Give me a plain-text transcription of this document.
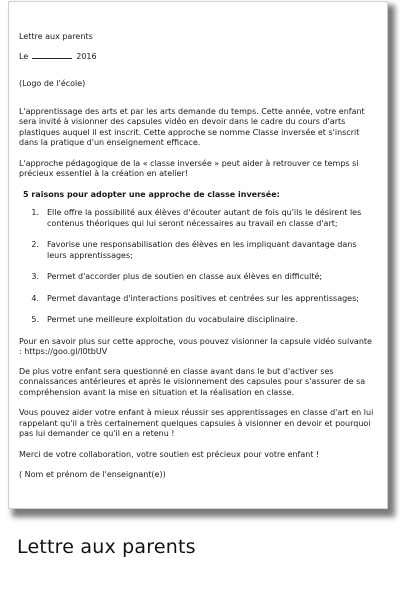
Lettre aux parents

Le	2016

(Logo de l'école)

L'apprentissage des arts et par les arts demande du temps. Cette année, votre enfant sera invité à visionner des capsules vidéo en devoir dans le cadre du cours d'arts plastiques auquel il est inscrit. Cette approche se nomme Classe inversée et s'inscrit dans la pratique d'un enseignement efficace.

L'approche pédagogique de la « classe inversée » peut aider à retrouver ce temps si précieux essentiel à la création en atelier!

5 raisons pour adopter une approche de classe inversée:

1.	Elle offre la possibilité aux élèves d'écouter autant de fois qu'ils le désirent les contenus théoriques qui lui seront nécessaires au travail en classe d'art;
2.	Favorise une responsabilisation des élèves en les impliquant davantage dans leurs apprentissages;
3.	Permet d'accorder plus de soutien en classe aux élèves en difficulté;
4.	Permet davantage d'interactions positives et centrées sur les apprentissages;
5.	Permet une meilleure exploitation du vocabulaire disciplinaire.

Pour en savoir plus sur cette approche, vous pouvez visionner la capsule vidéo suivante : https://goo.gl/I0tbUV

De plus votre enfant sera questionné en classe avant dans le but d'activer ses connaissances antérieures et après le visionnement des capsules pour s'assurer de sa compréhension avant la mise en situation et la réalisation en classe.

Vous pouvez aider votre enfant à mieux réussir ses apprentissages en classe d'art en lui rappelant qu'il a très certainement quelques capsules à visionner en devoir et pourquoi pas lui demander ce qu'il en a retenu !

Merci de votre collaboration, votre soutien est précieux pour votre enfant !

( Nom et prénom de l'enseignant(e))

Lettre aux parents
